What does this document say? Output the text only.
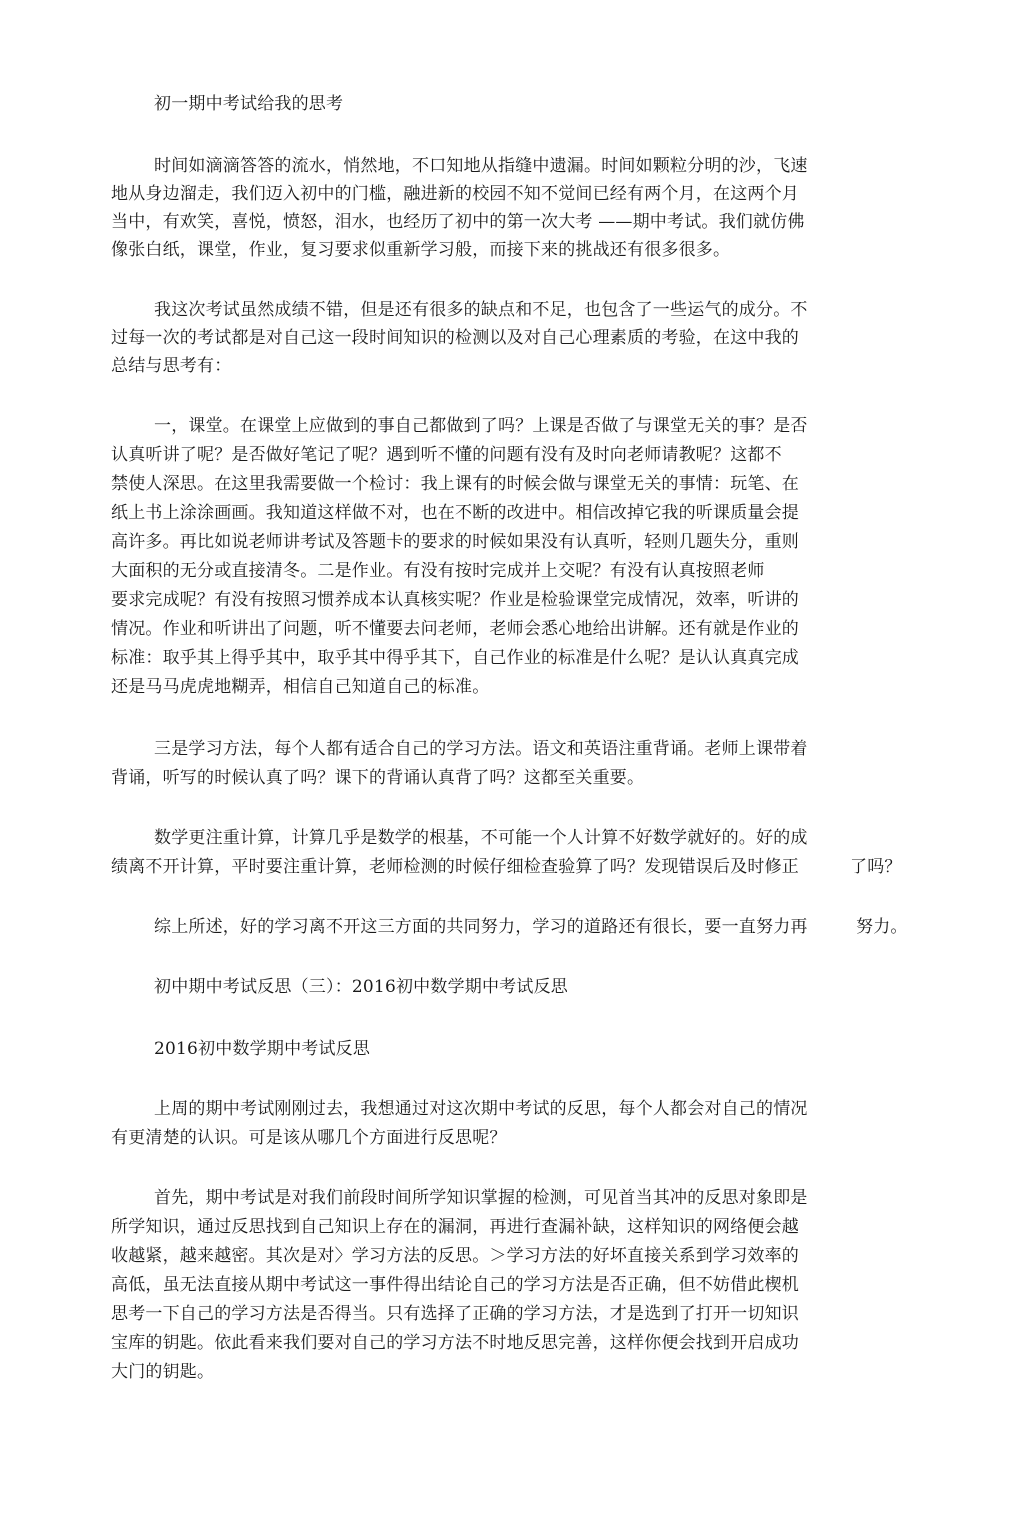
初一期中考试给我的思考
时间如滴滴答答的流水，悄然地，不口知地从指缝中遗漏。时间如颗粒分明的沙，飞速
地从身边溜走，我们迈入初中的门槛，融进新的校园不知不觉间已经有两个月，在这两个月
当中，有欢笑，喜悦，愤怒，泪水，也经历了初中的第一次大考 ——期中考试。我们就仿佛
像张白纸，课堂，作业，复习要求似重新学习般，而接下来的挑战还有很多很多。
我这次考试虽然成绩不错，但是还有很多的缺点和不足，也包含了一些运气的成分。不
过每一次的考试都是对自己这一段时间知识的检测以及对自己心理素质的考验，在这中我的
总结与思考有：
一，课堂。在课堂上应做到的事自己都做到了吗？上课是否做了与课堂无关的事？是否
认真听讲了呢？是否做好笔记了呢？遇到听不懂的问题有没有及时向老师请教呢？这都不
禁使人深思。在这里我需要做一个检讨：我上课有的时候会做与课堂无关的事情：玩笔、在
纸上书上涂涂画画。我知道这样做不对，也在不断的改进中。相信改掉它我的听课质量会提
高许多。再比如说老师讲考试及答题卡的要求的时候如果没有认真听，轻则几题失分，重则
大面积的无分或直接清冬。二是作业。有没有按时完成并上交呢？有没有认真按照老师
要求完成呢？有没有按照习惯养成本认真核实呢？作业是检验课堂完成情况，效率，听讲的
情况。作业和听讲出了问题，听不懂要去问老师，老师会悉心地给出讲解。还有就是作业的
标准：取乎其上得乎其中，取乎其中得乎其下，自己作业的标准是什么呢？是认认真真完成
还是马马虎虎地糊弄，相信自己知道自己的标准。
三是学习方法，每个人都有适合自己的学习方法。语文和英语注重背诵。老师上课带着
背诵，听写的时候认真了吗？课下的背诵认真背了吗？这都至关重要。
数学更注重计算，计算几乎是数学的根基，不可能一个人计算不好数学就好的。好的成
绩离不开计算，平时要注重计算，老师检测的时候仔细检查验算了吗？发现错误后及时修正	了吗？
综上所述，好的学习离不开这三方面的共同努力，学习的道路还有很长，要一直努力再	努力。
初中期中考试反思（三）：2016初中数学期中考试反思
2016初中数学期中考试反思
上周的期中考试刚刚过去，我想通过对这次期中考试的反思，每个人都会对自己的情况
有更清楚的认识。可是该从哪几个方面进行反思呢？
首先，期中考试是对我们前段时间所学知识掌握的检测，可见首当其冲的反思对象即是
所学知识，通过反思找到自己知识上存在的漏洞，再进行查漏补缺，这样知识的网络便会越
收越紧，越来越密。其次是对〉学习方法的反思。＞学习方法的好坏直接关系到学习效率的
高低，虽无法直接从期中考试这一事件得出结论自己的学习方法是否正确，但不妨借此楔机
思考一下自己的学习方法是否得当。只有选择了正确的学习方法，才是选到了打开一切知识
宝库的钥匙。依此看来我们要对自己的学习方法不时地反思完善，这样你便会找到开启成功
大门的钥匙。
